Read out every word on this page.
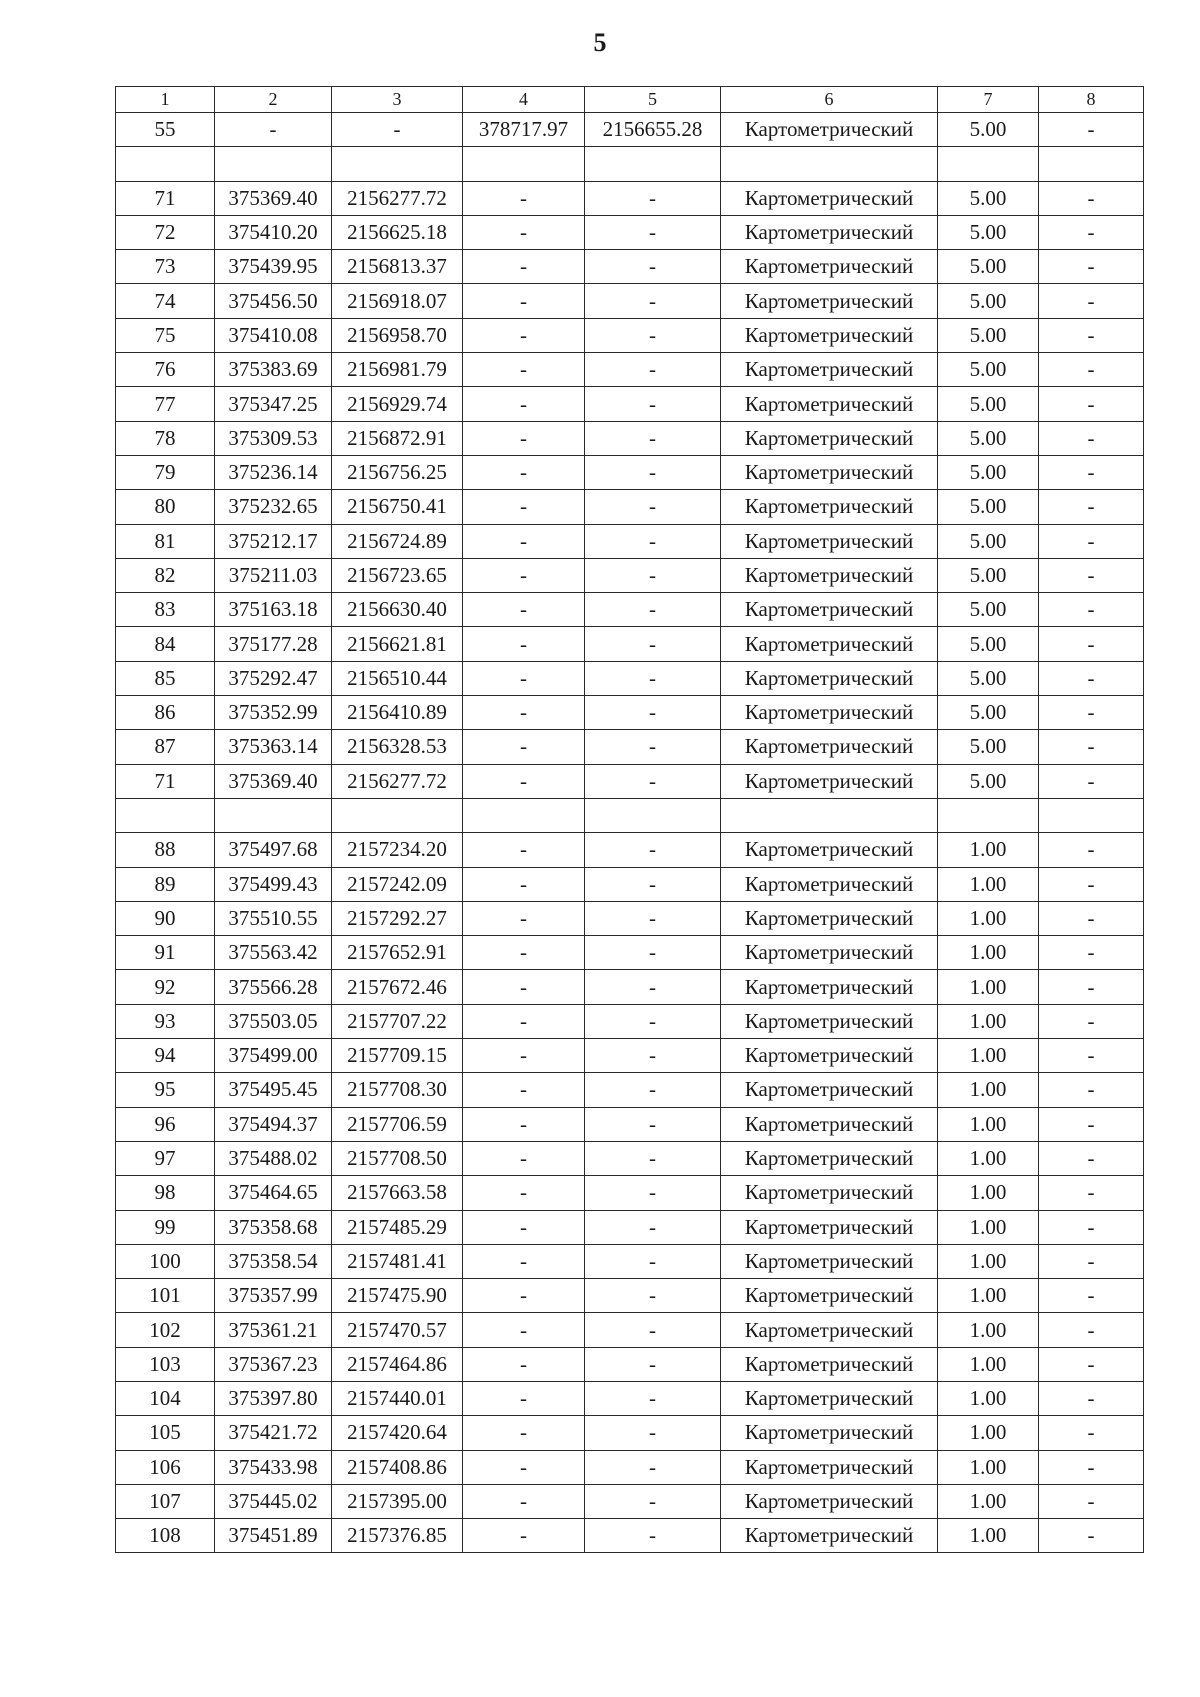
5
1	2	3	4	5	6	7	8
55	-	-	378717.97	2156655.28	Картометрический	5.00	-

71	375369.40	2156277.72	-	-	Картометрический	5.00	-
72	375410.20	2156625.18	-	-	Картометрический	5.00	-
73	375439.95	2156813.37	-	-	Картометрический	5.00	-
74	375456.50	2156918.07	-	-	Картометрический	5.00	-
75	375410.08	2156958.70	-	-	Картометрический	5.00	-
76	375383.69	2156981.79	-	-	Картометрический	5.00	-
77	375347.25	2156929.74	-	-	Картометрический	5.00	-
78	375309.53	2156872.91	-	-	Картометрический	5.00	-
79	375236.14	2156756.25	-	-	Картометрический	5.00	-
80	375232.65	2156750.41	-	-	Картометрический	5.00	-
81	375212.17	2156724.89	-	-	Картометрический	5.00	-
82	375211.03	2156723.65	-	-	Картометрический	5.00	-
83	375163.18	2156630.40	-	-	Картометрический	5.00	-
84	375177.28	2156621.81	-	-	Картометрический	5.00	-
85	375292.47	2156510.44	-	-	Картометрический	5.00	-
86	375352.99	2156410.89	-	-	Картометрический	5.00	-
87	375363.14	2156328.53	-	-	Картометрический	5.00	-
71	375369.40	2156277.72	-	-	Картометрический	5.00	-

88	375497.68	2157234.20	-	-	Картометрический	1.00	-
89	375499.43	2157242.09	-	-	Картометрический	1.00	-
90	375510.55	2157292.27	-	-	Картометрический	1.00	-
91	375563.42	2157652.91	-	-	Картометрический	1.00	-
92	375566.28	2157672.46	-	-	Картометрический	1.00	-
93	375503.05	2157707.22	-	-	Картометрический	1.00	-
94	375499.00	2157709.15	-	-	Картометрический	1.00	-
95	375495.45	2157708.30	-	-	Картометрический	1.00	-
96	375494.37	2157706.59	-	-	Картометрический	1.00	-
97	375488.02	2157708.50	-	-	Картометрический	1.00	-
98	375464.65	2157663.58	-	-	Картометрический	1.00	-
99	375358.68	2157485.29	-	-	Картометрический	1.00	-
100	375358.54	2157481.41	-	-	Картометрический	1.00	-
101	375357.99	2157475.90	-	-	Картометрический	1.00	-
102	375361.21	2157470.57	-	-	Картометрический	1.00	-
103	375367.23	2157464.86	-	-	Картометрический	1.00	-
104	375397.80	2157440.01	-	-	Картометрический	1.00	-
105	375421.72	2157420.64	-	-	Картометрический	1.00	-
106	375433.98	2157408.86	-	-	Картометрический	1.00	-
107	375445.02	2157395.00	-	-	Картометрический	1.00	-
108	375451.89	2157376.85	-	-	Картометрический	1.00	-
